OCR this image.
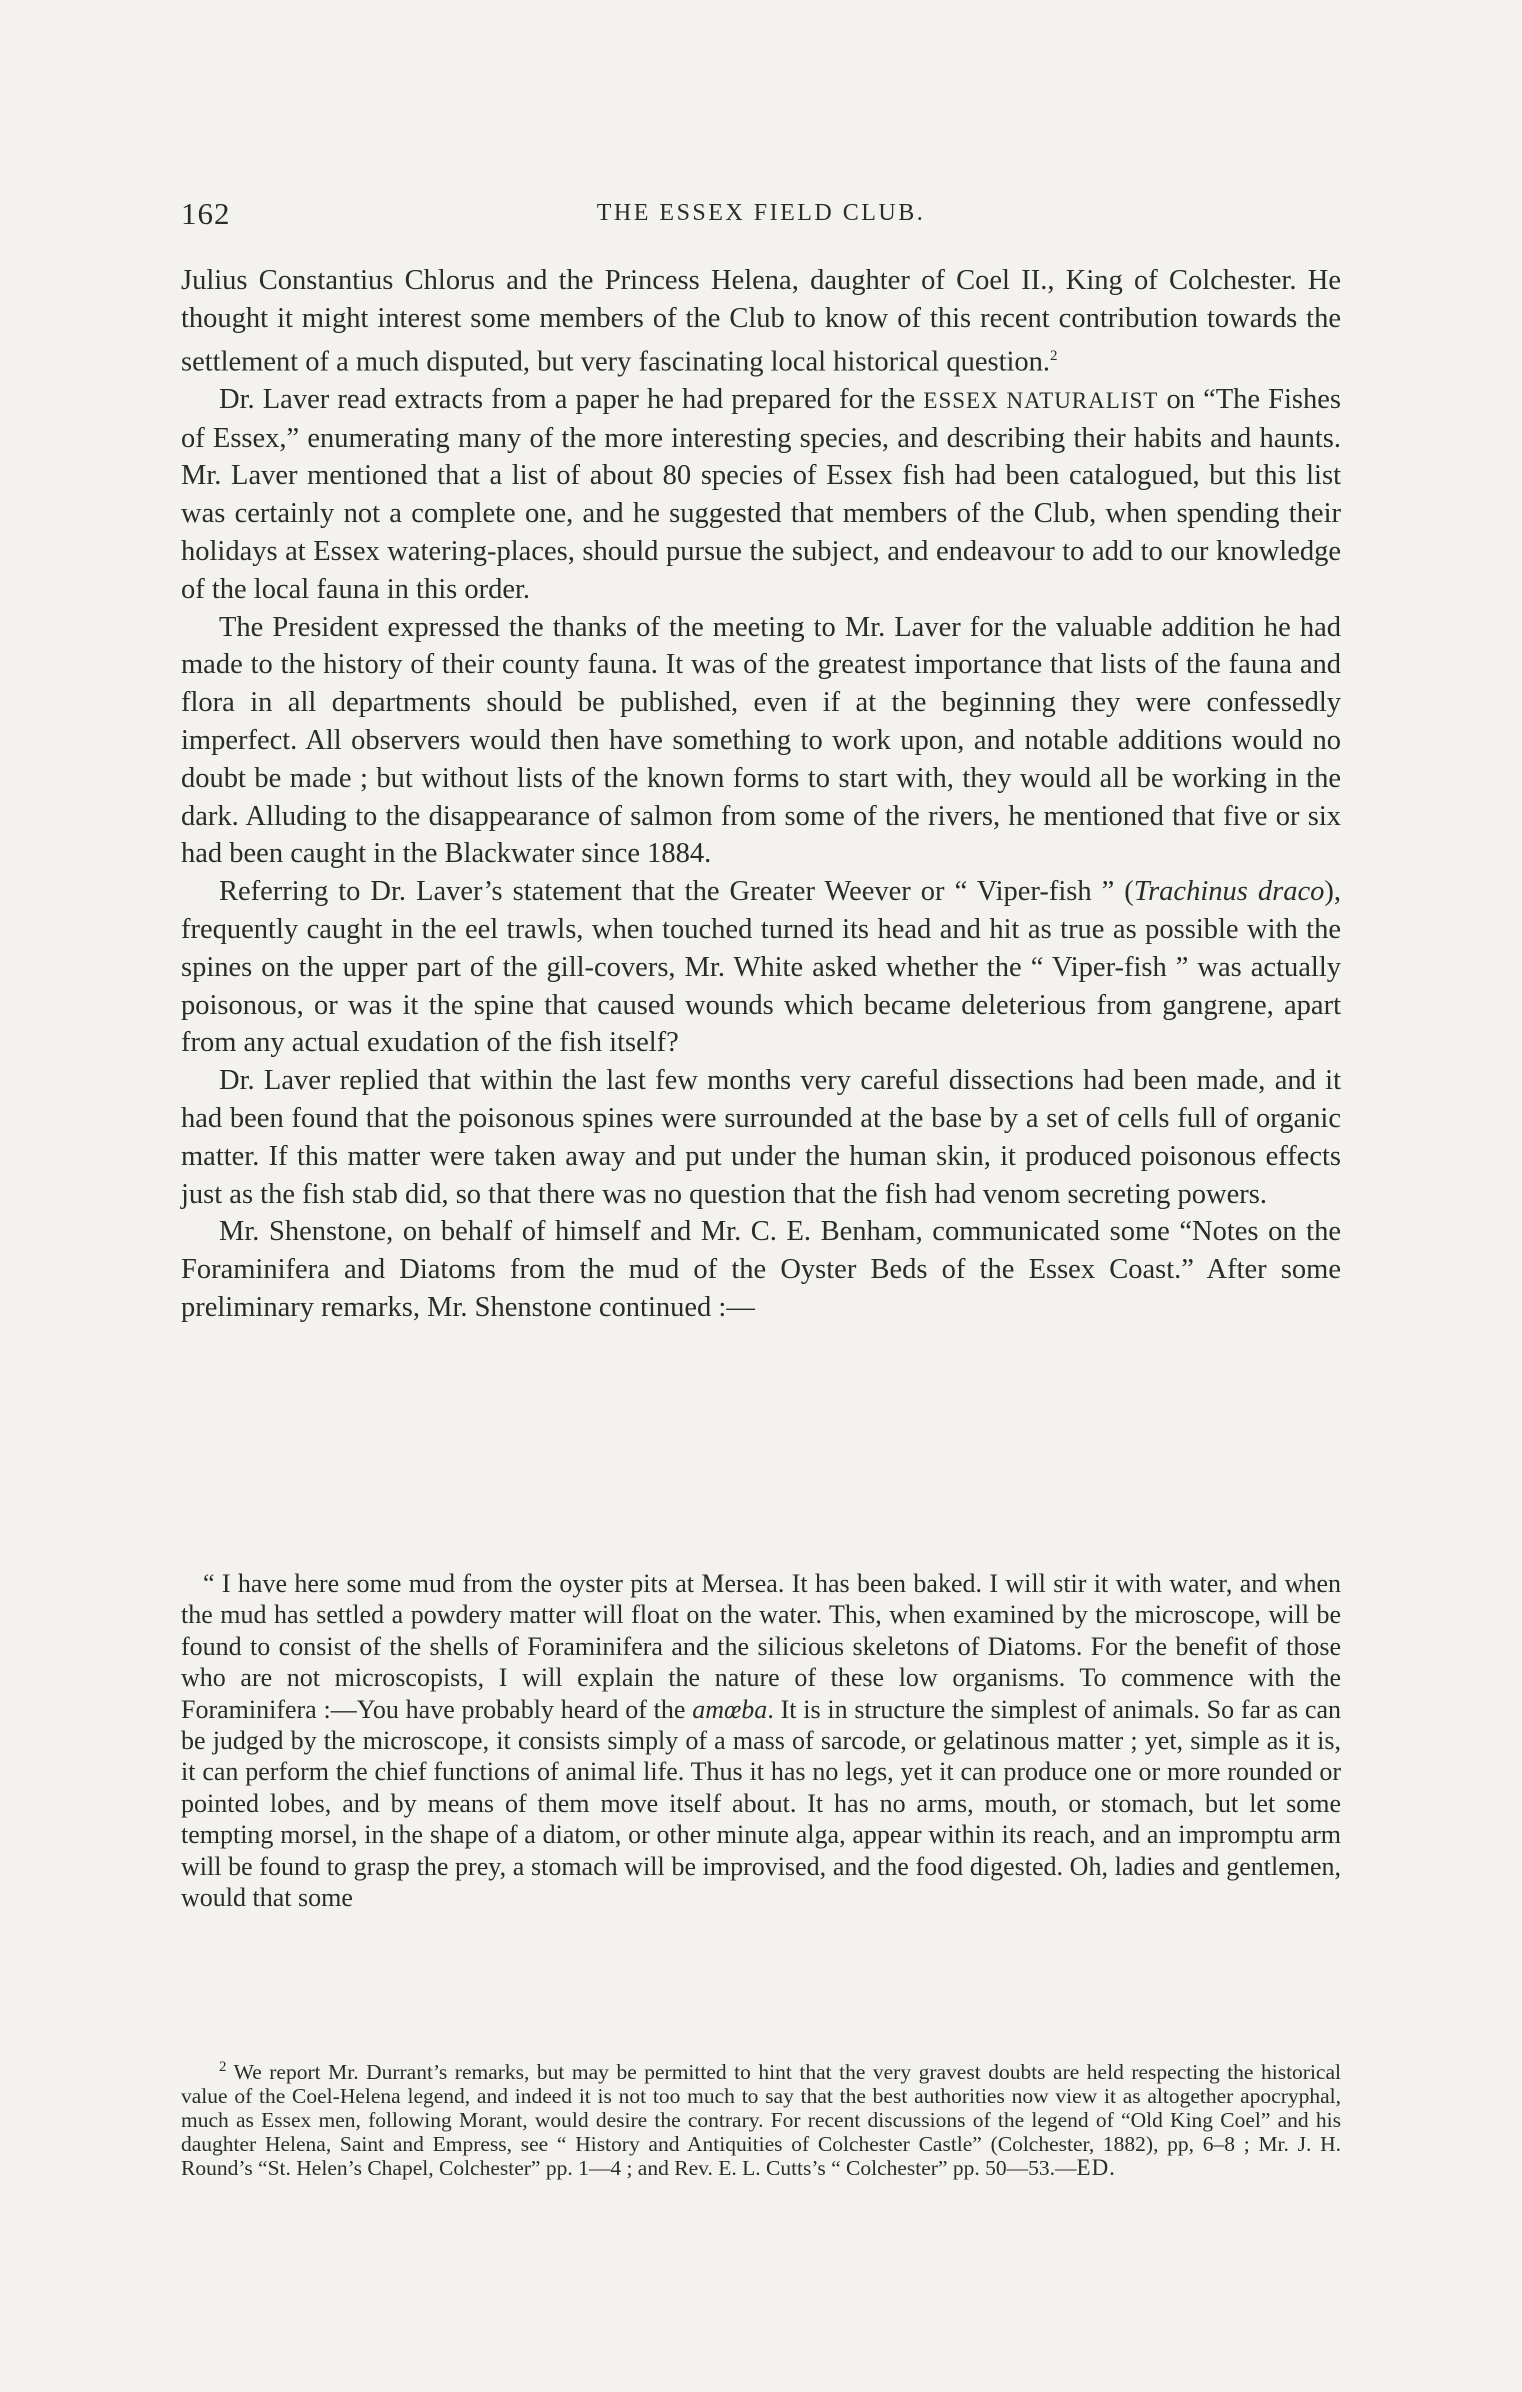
162	THE ESSEX FIELD CLUB.

Julius Constantius Chlorus and the Princess Helena, daughter of Coel II., King of Colchester. He thought it might interest some members of the Club to know of this recent contribution towards the settlement of a much disputed, but very fascinating local historical question.$^2$

Dr. Laver read extracts from a paper he had prepared for the ESSEX NATURALIST on “The Fishes of Essex,” enumerating many of the more interesting species, and describing their habits and haunts. Mr. Laver mentioned that a list of about 80 species of Essex fish had been catalogued, but this list was certainly not a complete one, and he suggested that members of the Club, when spending their holidays at Essex watering-places, should pursue the subject, and endeavour to add to our knowledge of the local fauna in this order.

The President expressed the thanks of the meeting to Mr. Laver for the valuable addition he had made to the history of their county fauna. It was of the greatest importance that lists of the fauna and flora in all departments should be published, even if at the beginning they were confessedly imperfect. All observers would then have something to work upon, and notable additions would no doubt be made ; but without lists of the known forms to start with, they would all be working in the dark. Alluding to the disappearance of salmon from some of the rivers, he mentioned that five or six had been caught in the Blackwater since 1884.

Referring to Dr. Laver’s statement that the Greater Weever or “ Viper-fish ” (Trachinus draco), frequently caught in the eel trawls, when touched turned its head and hit as true as possible with the spines on the upper part of the gill-covers, Mr. White asked whether the “ Viper-fish ” was actually poisonous, or was it the spine that caused wounds which became deleterious from gangrene, apart from any actual exudation of the fish itself?

Dr. Laver replied that within the last few months very careful dissections had been made, and it had been found that the poisonous spines were surrounded at the base by a set of cells full of organic matter. If this matter were taken away and put under the human skin, it produced poisonous effects just as the fish stab did, so that there was no question that the fish had venom secreting powers.

Mr. Shenstone, on behalf of himself and Mr. C. E. Benham, communicated some “Notes on the Foraminifera and Diatoms from the mud of the Oyster Beds of the Essex Coast.” After some preliminary remarks, Mr. Shenstone continued :—

“ I have here some mud from the oyster pits at Mersea. It has been baked. I will stir it with water, and when the mud has settled a powdery matter will float on the water. This, when examined by the microscope, will be found to consist of the shells of Foraminifera and the silicious skeletons of Diatoms. For the benefit of those who are not microscopists, I will explain the nature of these low organisms. To commence with the Foraminifera :—You have probably heard of the amœba. It is in structure the simplest of animals. So far as can be judged by the microscope, it consists simply of a mass of sarcode, or gelatinous matter ; yet, simple as it is, it can perform the chief functions of animal life. Thus it has no legs, yet it can produce one or more rounded or pointed lobes, and by means of them move itself about. It has no arms, mouth, or stomach, but let some tempting morsel, in the shape of a diatom, or other minute alga, appear within its reach, and an impromptu arm will be found to grasp the prey, a stomach will be improvised, and the food digested. Oh, ladies and gentlemen, would that some

$^2$ We report Mr. Durrant’s remarks, but may be permitted to hint that the very gravest doubts are held respecting the historical value of the Coel-Helena legend, and indeed it is not too much to say that the best authorities now view it as altogether apocryphal, much as Essex men, following Morant, would desire the contrary. For recent discussions of the legend of “Old King Coel” and his daughter Helena, Saint and Empress, see “ History and Antiquities of Colchester Castle” (Colchester, 1882), pp, 6–8 ; Mr. J. H. Round’s “St. Helen’s Chapel, Colchester” pp. 1—4 ; and Rev. E. L. Cutts’s “ Colchester” pp. 50—53.—ED.
